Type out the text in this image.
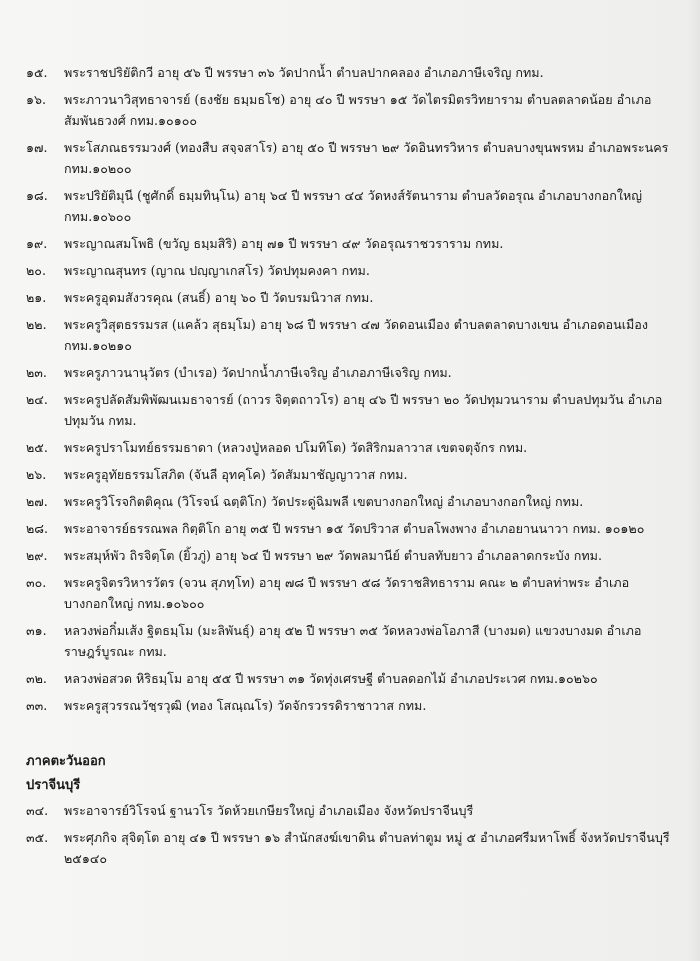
๑๕.	พระราชปริยัติกวี อายุ ๕๖ ปี พรรษา ๓๖ วัดปากน้ำ ตำบลปากคลอง อำเภอภาษีเจริญ กทม.
๑๖.	พระภาวนาวิสุทธาจารย์ (ธงชัย ธมฺมธโช) อายุ ๔๐ ปี พรรษา ๑๕ วัดไตรมิตรวิทยาราม ตำบลตลาดน้อย อำเภอสัมพันธวงศ์ กทม.๑๐๑๐๐
๑๗.	พระโสภณธรรมวงศ์ (ทองสืบ สจฺจสาโร) อายุ ๕๐ ปี พรรษา ๒๙ วัดอินทรวิหาร ตำบลบางขุนพรหม อำเภอพระนคร กทม.๑๐๒๐๐
๑๘.	พระปริยัติมุนี (ชูศักดิ์ ธมฺมทินฺโน) อายุ ๖๔ ปี พรรษา ๔๔ วัดหงส์รัตนาราม ตำบลวัดอรุณ อำเภอบางกอกใหญ่ กทม.๑๐๖๐๐
๑๙.	พระญาณสมโพธิ (ขวัญ ธมฺมสิริ) อายุ ๗๑ ปี พรรษา ๔๙ วัดอรุณราชวราราม กทม.
๒๐.	พระญาณสุนทร (ญาณ ปญฺญาเกสโร) วัดปทุมคงคา กทม.
๒๑.	พระครูอุดมสังวรคุณ (สนธิ์) อายุ ๖๐ ปี วัดบรมนิวาส กทม.
๒๒.	พระครูวิสุตธรรมรส (แคล้ว สุธมฺโม) อายุ ๖๘ ปี พรรษา ๔๗ วัดดอนเมือง ตำบลตลาดบางเขน อำเภอดอนเมือง กทม.๑๐๒๑๐
๒๓.	พระครูภาวนานุวัตร (บำเรอ) วัดปากน้ำภาษีเจริญ อำเภอภาษีเจริญ กทม.
๒๔.	พระครูปลัดสัมพิพัฒนเมธาจารย์ (ถาวร จิตฺตถาวโร) อายุ ๔๖ ปี พรรษา ๒๐ วัดปทุมวนาราม ตำบลปทุมวัน อำเภอปทุมวัน กทม.
๒๕.	พระครูปราโมทย์ธรรมธาดา (หลวงปู่หลอด ปโมทิโต) วัดสิริกมลาวาส เขตจตุจักร กทม.
๒๖.	พระครูอุทัยธรรมโสภิต (จันลี อุทคฺโค) วัดสัมมาชัญญาวาส กทม.
๒๗.	พระครูวิโรจกิตติคุณ (วิโรจน์ ฉตฺติโก) วัดประดู่ฉิมพลี เขตบางกอกใหญ่ อำเภอบางกอกใหญ่ กทม.
๒๘.	พระอาจารย์ธรรณพล กิตฺติโก อายุ ๓๕ ปี พรรษา ๑๕ วัดปริวาส ตำบลโพงพาง อำเภอยานนาวา กทม. ๑๐๑๒๐
๒๙.	พระสมุห์พัว ถิรจิตฺโต (ยิ้วภู่) อายุ ๖๔ ปี พรรษา ๒๙ วัดพลมานีย์ ตำบลทับยาว อำเภอลาดกระบัง กทม.
๓๐.	พระครูจิตรวิหารวัตร (จวน สุภทฺโท) อายุ ๗๘ ปี พรรษา ๕๘ วัดราชสิทธาราม คณะ ๒ ตำบลท่าพระ อำเภอบางกอกใหญ่ กทม.๑๐๖๐๐
๓๑.	หลวงพ่อกิ๋มเส้ง ฐิตธมฺโม (มะลิพันธุ์) อายุ ๕๒ ปี พรรษา ๓๕ วัดหลวงพ่อโอภาสี (บางมด) แขวงบางมด อำเภอราษฎร์บูรณะ กทม.
๓๒.	หลวงพ่อสวด หิริธมฺโม อายุ ๕๕ ปี พรรษา ๓๑ วัดทุ่งเศรษฐี ตำบลดอกไม้ อำเภอประเวศ กทม.๑๐๒๖๐
๓๓.	พระครูสุวรรณวัชฺรวุฒิ (ทอง โสณฺณโร) วัดจักรวรรดิราชาวาส กทม.
ภาคตะวันออก
ปราจีนบุรี
๓๔.	พระอาจารย์วิโรจน์ ฐานวโร วัดห้วยเกษียรใหญ่ อำเภอเมือง จังหวัดปราจีนบุรี
๓๕.	พระศุภกิจ สุจิตฺโต อายุ ๔๑ ปี พรรษา ๑๖ สำนักสงฆ์เขาดิน ตำบลท่าตูม หมู่ ๕ อำเภอศรีมหาโพธิ์ จังหวัดปราจีนบุรี ๒๕๑๔๐
